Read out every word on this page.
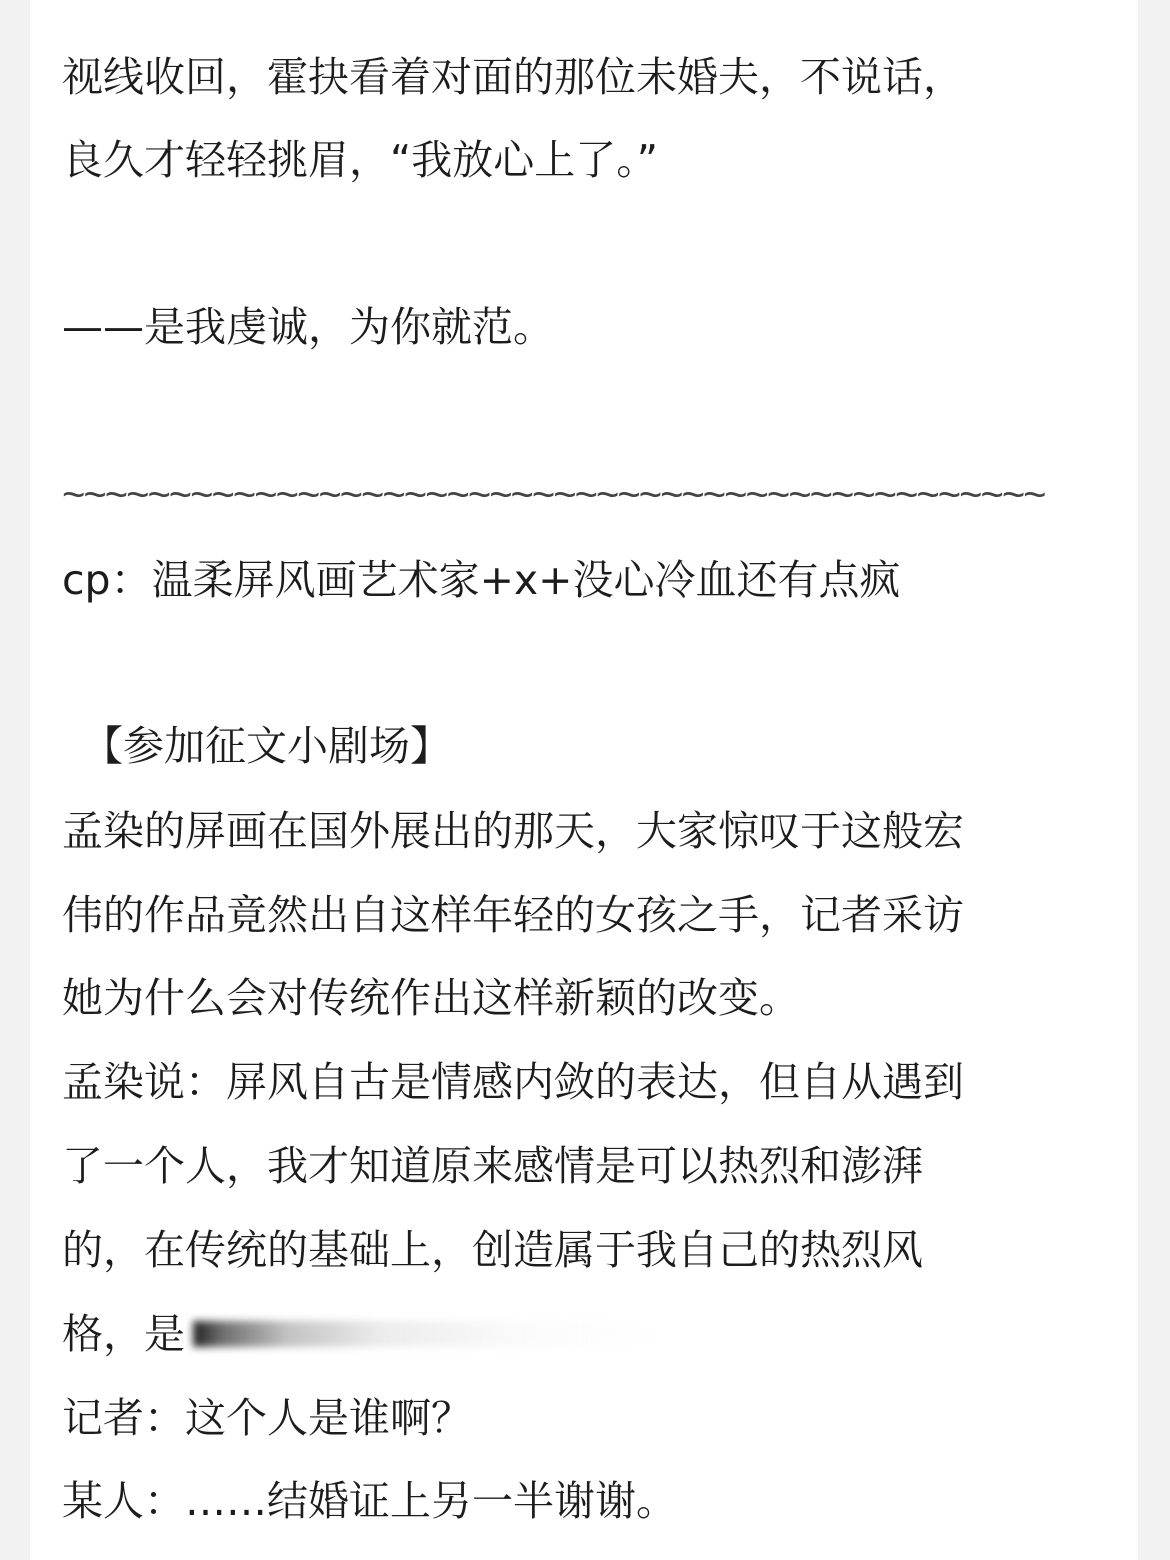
视线收回，霍抉看着对面的那位未婚夫，不说话，
良久才轻轻挑眉，“我放心上了。”
——是我虔诚，为你就范。
~~~~~~~~~~~~~~~~~~~~~~~~~~~~~~~~~~~~~~~~~~~~~~
cp：温柔屏风画艺术家+x+没心冷血还有点疯
【参加征文小剧场】
孟染的屏画在国外展出的那天，大家惊叹于这般宏
伟的作品竟然出自这样年轻的女孩之手，记者采访
她为什么会对传统作出这样新颖的改变。
孟染说：屏风自古是情感内敛的表达，但自从遇到
了一个人，我才知道原来感情是可以热烈和澎湃
的，在传统的基础上，创造属于我自己的热烈风
格，是
记者：这个人是谁啊？
某人：……结婚证上另一半谢谢。
